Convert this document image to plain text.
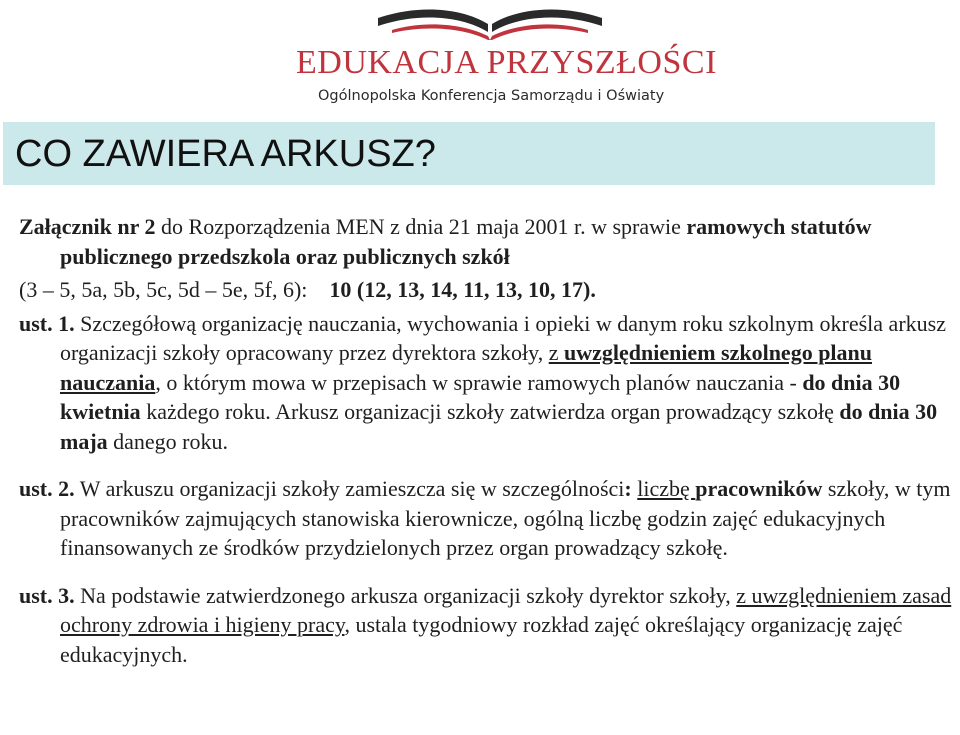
EDUKACJA PRZYSZŁOŚCI
Ogólnopolska Konferencja Samorządu i Oświaty
CO ZAWIERA ARKUSZ?

Załącznik nr 2 do Rozporządzenia MEN z dnia 21 maja 2001 r. w sprawie ramowych statutów publicznego przedszkola oraz publicznych szkół

(3 – 5, 5a, 5b, 5c, 5d – 5e, 5f, 6): 10 (12, 13, 14, 11, 13, 10, 17).

ust. 1. Szczegółową organizację nauczania, wychowania i opieki w danym roku szkolnym określa arkusz organizacji szkoły opracowany przez dyrektora szkoły, z uwzględnieniem szkolnego planu nauczania, o którym mowa w przepisach w sprawie ramowych planów nauczania - do dnia 30 kwietnia każdego roku. Arkusz organizacji szkoły zatwierdza organ prowadzący szkołę do dnia 30 maja danego roku.

ust. 2. W arkuszu organizacji szkoły zamieszcza się w szczególności: liczbę pracowników szkoły, w tym pracowników zajmujących stanowiska kierownicze, ogólną liczbę godzin zajęć edukacyjnych finansowanych ze środków przydzielonych przez organ prowadzący szkołę.

ust. 3. Na podstawie zatwierdzonego arkusza organizacji szkoły dyrektor szkoły, z uwzględnieniem zasad ochrony zdrowia i higieny pracy, ustala tygodniowy rozkład zajęć określający organizację zajęć edukacyjnych.
